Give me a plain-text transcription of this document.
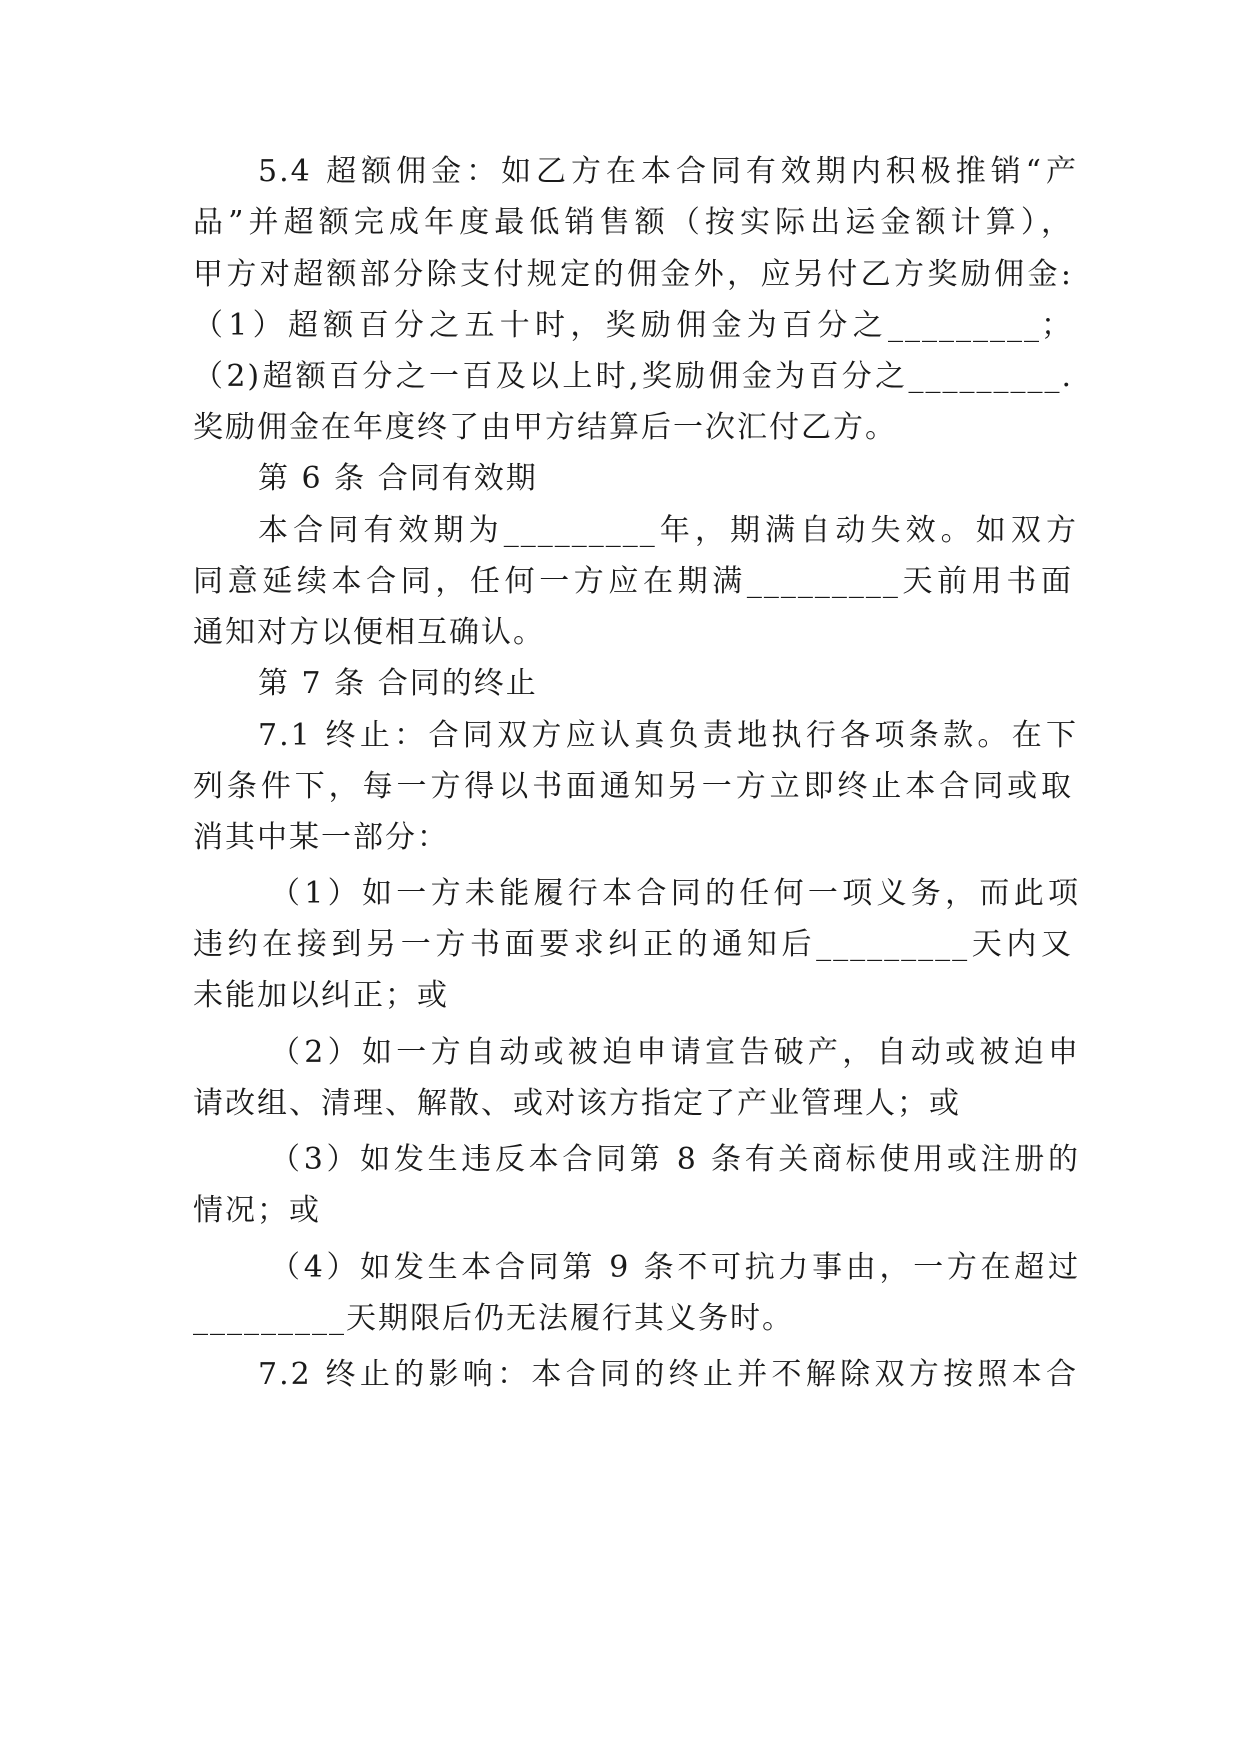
5.4 超额佣金：如乙方在本合同有效期内积极推销“产
品”并超额完成年度最低销售额（按实际出运金额计算），
甲方对超额部分除支付规定的佣金外，应另付乙方奖励佣金:
（1）超额百分之五十时，奖励佣金为百分之_________；
（2)超额百分之一百及以上时,奖励佣金为百分之_________.
奖励佣金在年度终了由甲方结算后一次汇付乙方。
第 6 条 合同有效期
本合同有效期为_________年，期满自动失效。如双方
同意延续本合同，任何一方应在期满_________天前用书面
通知对方以便相互确认。
第 7 条 合同的终止
7.1 终止：合同双方应认真负责地执行各项条款。在下
列条件下，每一方得以书面通知另一方立即终止本合同或取
消其中某一部分：
（1）如一方未能履行本合同的任何一项义务，而此项
违约在接到另一方书面要求纠正的通知后_________天内又
未能加以纠正；或
（2）如一方自动或被迫申请宣告破产，自动或被迫申
请改组、清理、解散、或对该方指定了产业管理人；或
（3）如发生违反本合同第 8 条有关商标使用或注册的
情况；或
（4）如发生本合同第 9 条不可抗力事由，一方在超过
_________天期限后仍无法履行其义务时。
7.2 终止的影响：本合同的终止并不解除双方按照本合
